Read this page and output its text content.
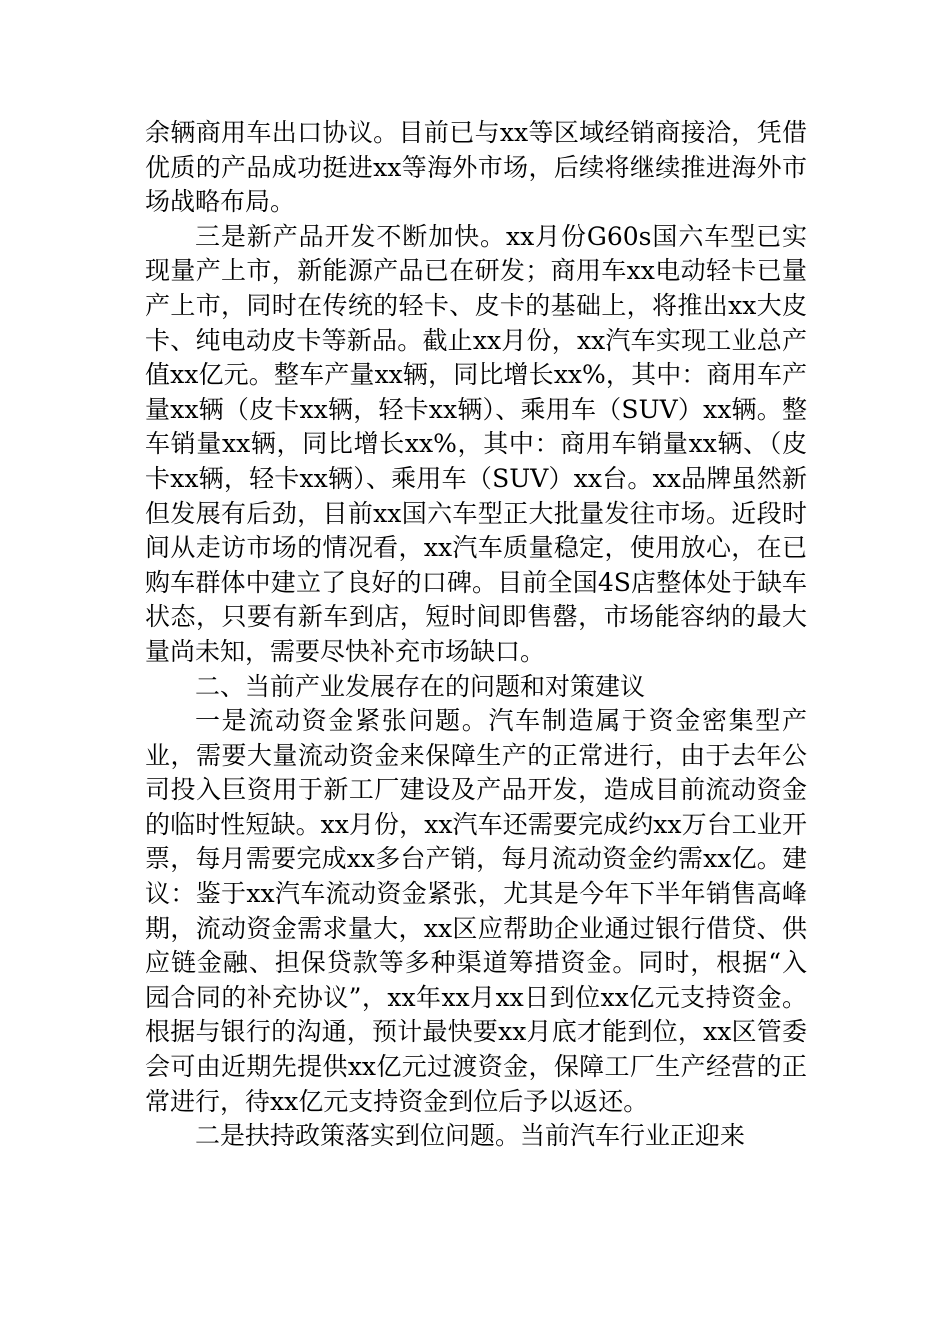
余辆商用车出口协议。目前已与xx等区域经销商接洽，凭借优质的产品成功挺进xx等海外市场，后续将继续推进海外市场战略布局。

三是新产品开发不断加快。xx月份G60s国六车型已实现量产上市，新能源产品已在研发；商用车xx电动轻卡已量产上市，同时在传统的轻卡、皮卡的基础上，将推出xx大皮卡、纯电动皮卡等新品。截止xx月份，xx汽车实现工业总产值xx亿元。整车产量xx辆，同比增长xx%，其中：商用车产量xx辆（皮卡xx辆，轻卡xx辆）、乘用车（SUV）xx辆。整车销量xx辆，同比增长xx%，其中：商用车销量xx辆、（皮卡xx辆，轻卡xx辆）、乘用车（SUV）xx台。xx品牌虽然新但发展有后劲，目前xx国六车型正大批量发往市场。近段时间从走访市场的情况看，xx汽车质量稳定，使用放心，在已购车群体中建立了良好的口碑。目前全国4S店整体处于缺车状态，只要有新车到店，短时间即售罄，市场能容纳的最大量尚未知，需要尽快补充市场缺口。

二、当前产业发展存在的问题和对策建议

一是流动资金紧张问题。汽车制造属于资金密集型产业，需要大量流动资金来保障生产的正常进行，由于去年公司投入巨资用于新工厂建设及产品开发，造成目前流动资金的临时性短缺。xx月份，xx汽车还需要完成约xx万台工业开票，每月需要完成xx多台产销，每月流动资金约需xx亿。建议：鉴于xx汽车流动资金紧张，尤其是今年下半年销售高峰期，流动资金需求量大，xx区应帮助企业通过银行借贷、供应链金融、担保贷款等多种渠道筹措资金。同时，根据“入园合同的补充协议”，xx年xx月xx日到位xx亿元支持资金。根据与银行的沟通，预计最快要xx月底才能到位，xx区管委会可由近期先提供xx亿元过渡资金，保障工厂生产经营的正常进行，待xx亿元支持资金到位后予以返还。

二是扶持政策落实到位问题。当前汽车行业正迎来
